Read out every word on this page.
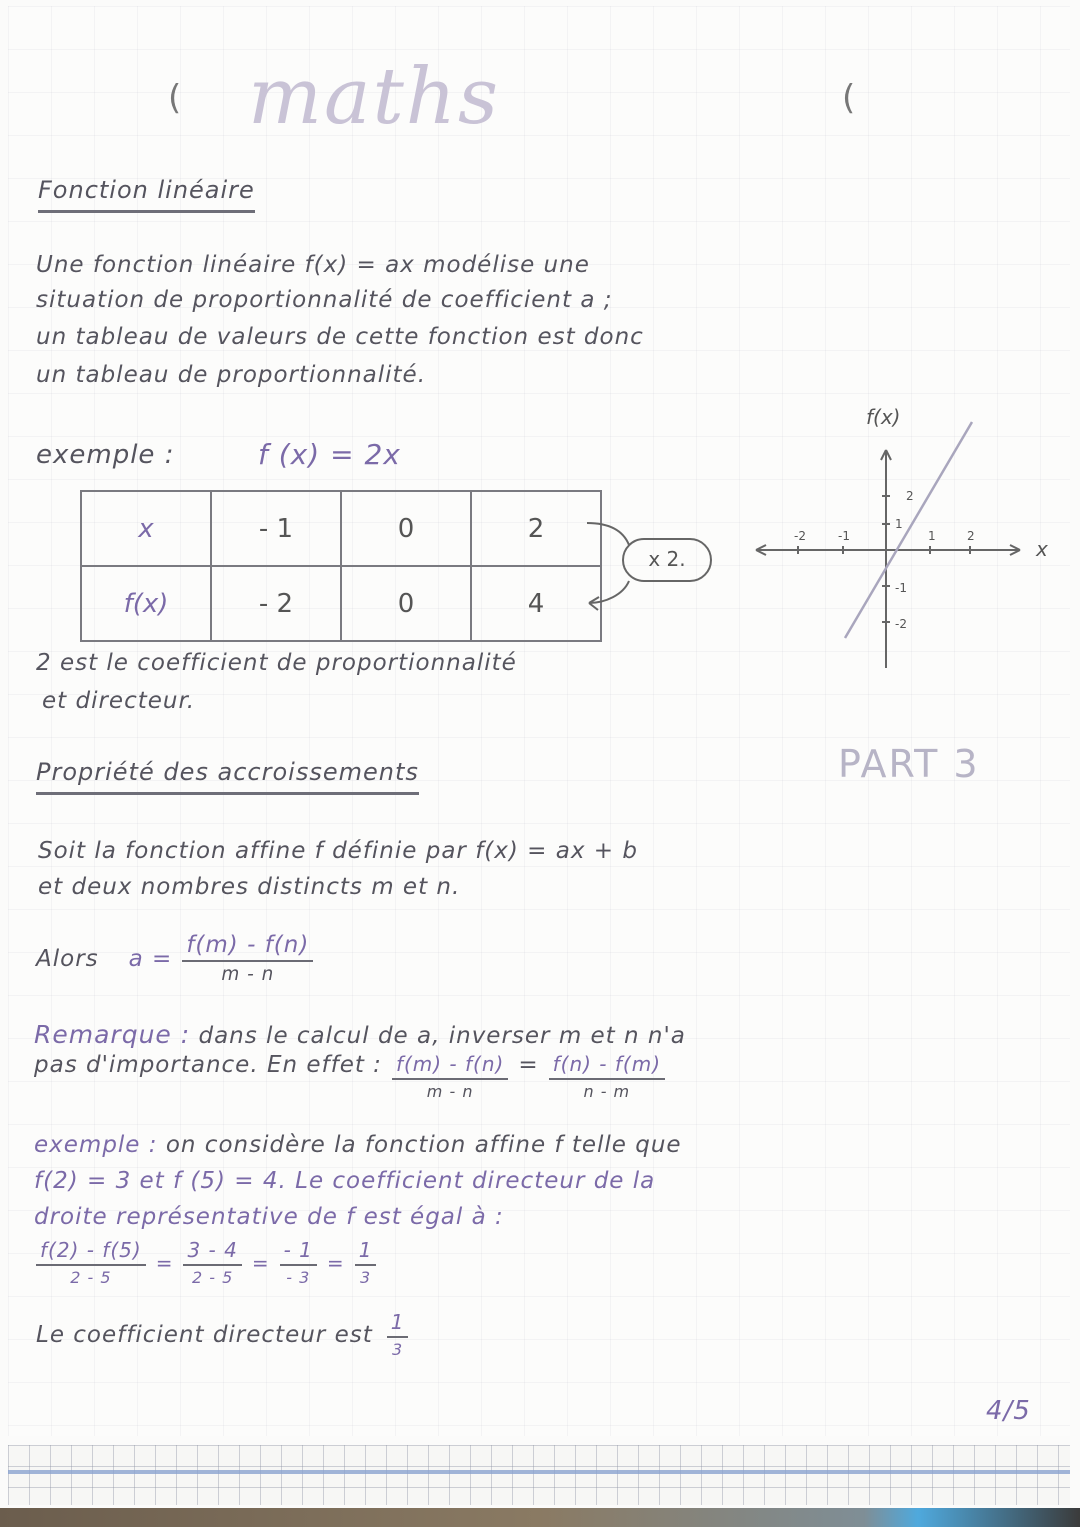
( maths	(
Fonction linéaire
Une fonction linéaire f(x) = ax modélise une
situation de proportionnalité de coefficient a ;
un tableau de valeurs de cette fonction est donc
un tableau de proportionnalité.
exemple :	f (x) = 2x
x	- 1	0	2
f(x)	- 2	0	4
x 2.
2 est le coefficient de proportionnalité
et directeur.
-2	-1	1	2
2
1
-1
-2
f(x)
x
PART 3
Propriété des accroissements
Soit la fonction affine f définie par f(x) = ax + b
et deux nombres distincts m et n.
Alors $a = \frac{f(m) - f(n)}{m - n}$
Remarque : dans le calcul de a, inverser m et n n'a
pas d'importance. En effet : $\frac{f(m) - f(n)}{m - n} = \frac{f(n) - f(m)}{n - m}$
exemple : on considère la fonction affine f telle que
f(2) = 3 et f (5) = 4. Le coefficient directeur de la
droite représentative de f est égal à :
$\frac{f(2) - f(5)}{2 - 5} = \frac{3 - 4}{2 - 5} = \frac{- 1}{- 3} = \frac{1}{3}$
Le coefficient directeur est $\frac{1}{3}$
4/5
